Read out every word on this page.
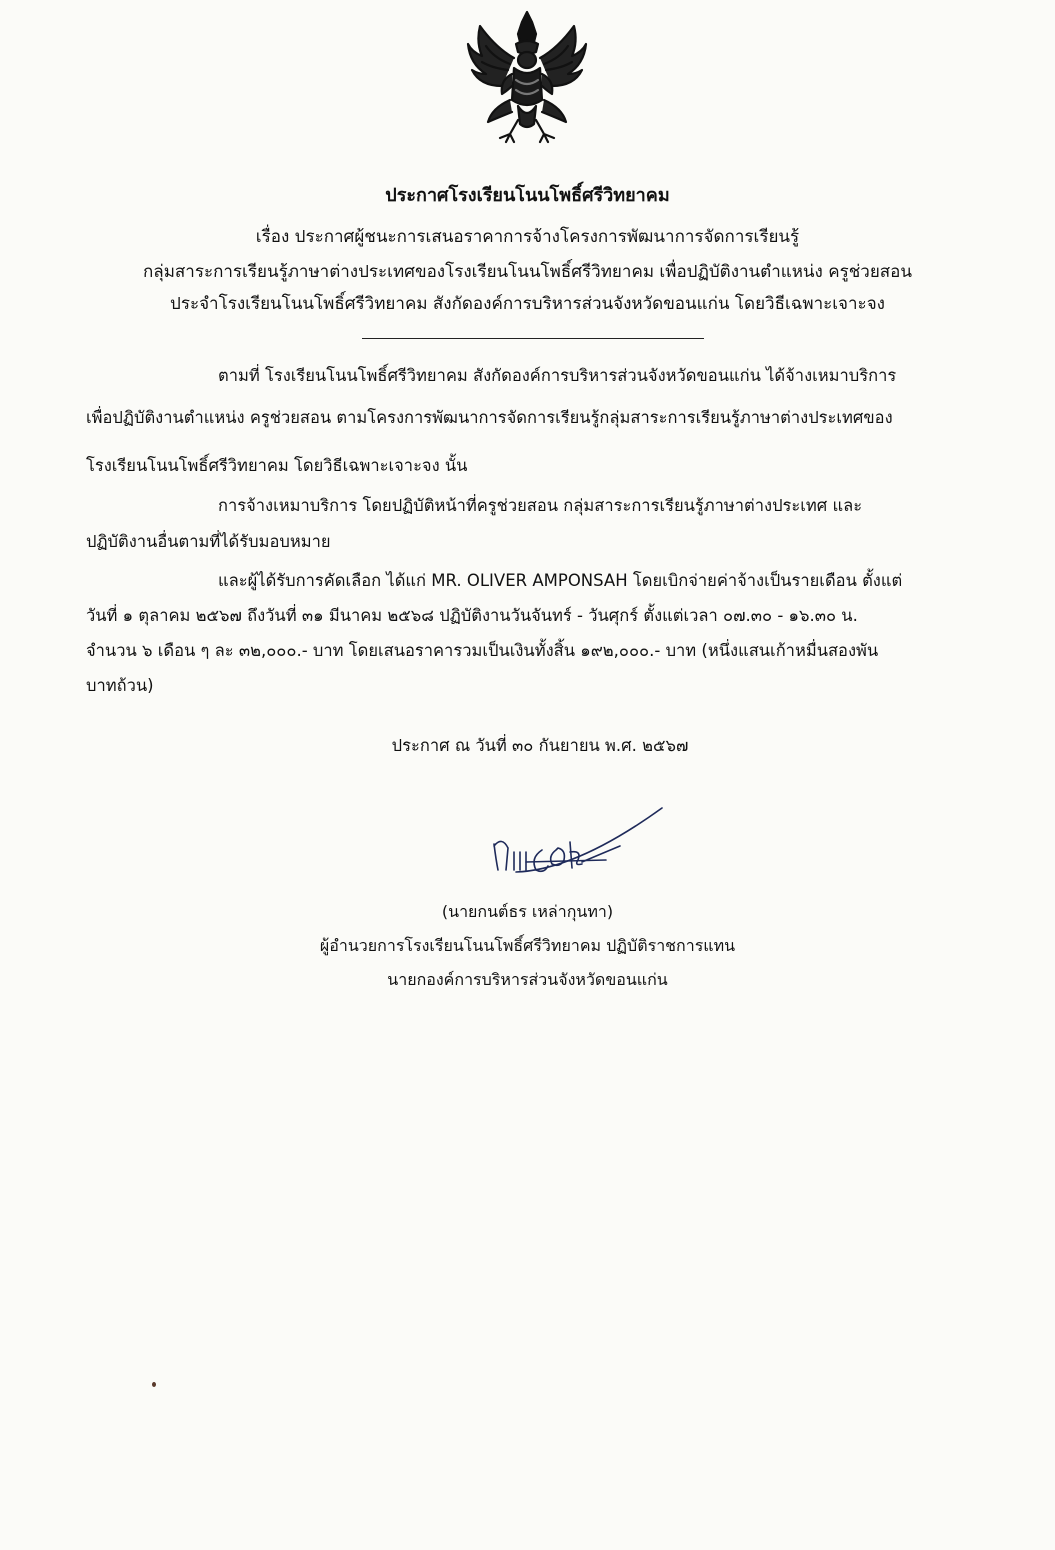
ประกาศโรงเรียนโนนโพธิ์ศรีวิทยาคม
เรื่อง ประกาศผู้ชนะการเสนอราคาการจ้างโครงการพัฒนาการจัดการเรียนรู้
กลุ่มสาระการเรียนรู้ภาษาต่างประเทศของโรงเรียนโนนโพธิ์ศรีวิทยาคม เพื่อปฏิบัติงานตำแหน่ง ครูช่วยสอน
ประจำโรงเรียนโนนโพธิ์ศรีวิทยาคม สังกัดองค์การบริหารส่วนจังหวัดขอนแก่น โดยวิธีเฉพาะเจาะจง
ตามที่ โรงเรียนโนนโพธิ์ศรีวิทยาคม สังกัดองค์การบริหารส่วนจังหวัดขอนแก่น ได้จ้างเหมาบริการ
เพื่อปฏิบัติงานตำแหน่ง ครูช่วยสอน ตามโครงการพัฒนาการจัดการเรียนรู้กลุ่มสาระการเรียนรู้ภาษาต่างประเทศของ
โรงเรียนโนนโพธิ์ศรีวิทยาคม โดยวิธีเฉพาะเจาะจง นั้น
การจ้างเหมาบริการ โดยปฏิบัติหน้าที่ครูช่วยสอน กลุ่มสาระการเรียนรู้ภาษาต่างประเทศ และ
ปฏิบัติงานอื่นตามที่ได้รับมอบหมาย
และผู้ได้รับการคัดเลือก ได้แก่ MR. OLIVER AMPONSAH โดยเบิกจ่ายค่าจ้างเป็นรายเดือน ตั้งแต่
วันที่ ๑ ตุลาคม ๒๕๖๗ ถึงวันที่ ๓๑ มีนาคม ๒๕๖๘ ปฏิบัติงานวันจันทร์ - วันศุกร์ ตั้งแต่เวลา ๐๗.๓๐ - ๑๖.๓๐ น.
จำนวน ๖ เดือน ๆ ละ ๓๒,๐๐๐.- บาท โดยเสนอราคารวมเป็นเงินทั้งสิ้น ๑๙๒,๐๐๐.- บาท (หนึ่งแสนเก้าหมื่นสองพัน
บาทถ้วน)
ประกาศ ณ วันที่ ๓๐ กันยายน พ.ศ. ๒๕๖๗
(นายกนต์ธร เหล่ากุนทา)
ผู้อำนวยการโรงเรียนโนนโพธิ์ศรีวิทยาคม ปฏิบัติราชการแทน
นายกองค์การบริหารส่วนจังหวัดขอนแก่น
